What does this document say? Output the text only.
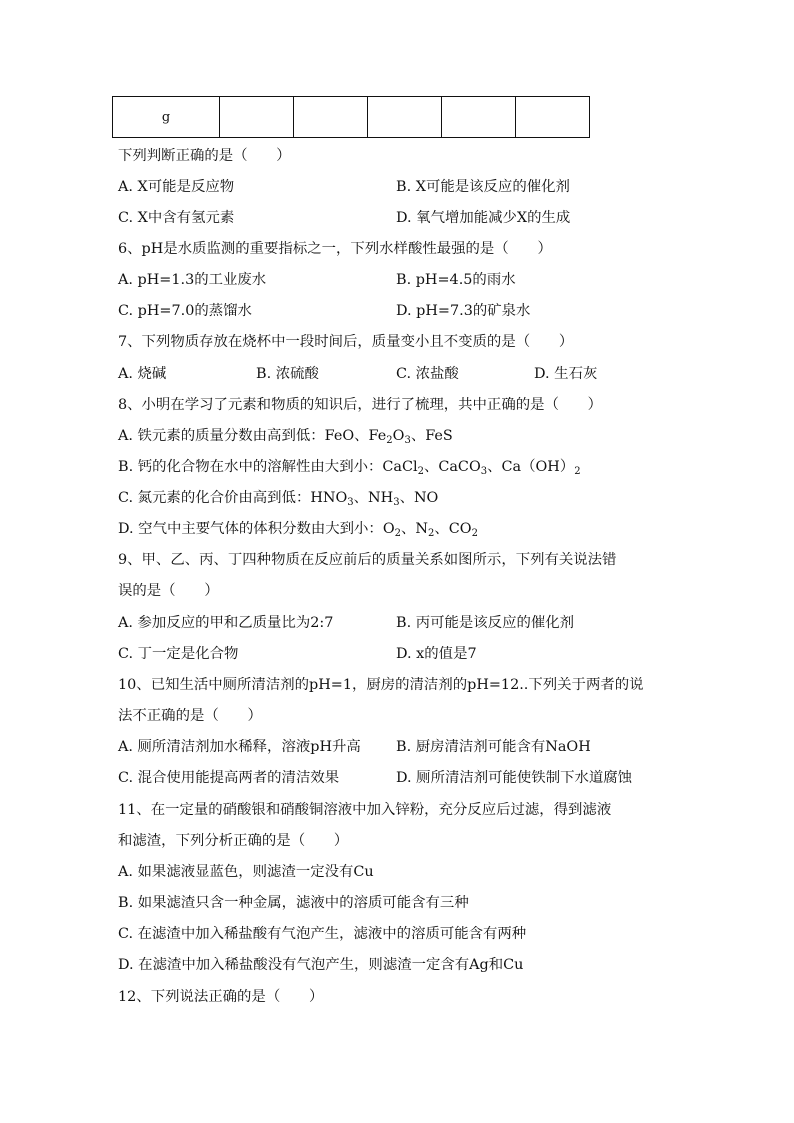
g					
下列判断正确的是（　　）
A. X可能是反应物	B. X可能是该反应的催化剂
C. X中含有氢元素	D. 氧气增加能减少X的生成
6、pH是水质监测的重要指标之一，下列水样酸性最强的是（　　）
A. pH=1.3的工业废水	B. pH=4.5的雨水
C. pH=7.0的蒸馏水	D. pH=7.3的矿泉水
7、下列物质存放在烧杯中一段时间后，质量变小且不变质的是（　　）
A. 烧碱	B. 浓硫酸	C. 浓盐酸	D. 生石灰
8、小明在学习了元素和物质的知识后，进行了梳理，共中正确的是（　　）
A. 铁元素的质量分数由高到低：FeO、$Fe_2O_3$、FeS
B. 钙的化合物在水中的溶解性由大到小：CaCl$_2$、CaCO$_3$、$Ca(OH)_2$
C. 氮元素的化合价由高到低：$HNO_3$、$NH_3$、NO
D. 空气中主要气体的体积分数由大到小：$O_2$、$N_2$、$CO_2$
9、甲、乙、丙、丁四种物质在反应前后的质量关系如图所示，下列有关说法错
误的是（　　）
A. 参加反应的甲和乙质量比为2:7	B. 丙可能是该反应的催化剂
C. 丁一定是化合物	D. x的值是7
10、已知生活中厕所清洁剂的pH=1，厨房的清洁剂的pH=12..下列关于两者的说
法不正确的是（　　）
A. 厕所清洁剂加水稀释，溶液pH升高 B. 厨房清洁剂可能含有NaOH
C. 混合使用能提高两者的清洁效果	D. 厕所清洁剂可能使铁制下水道腐蚀
11、在一定量的硝酸银和硝酸铜溶液中加入锌粉，充分反应后过滤，得到滤液
和滤渣，下列分析正确的是（　　）
A. 如果滤液显蓝色，则滤渣一定没有Cu
B. 如果滤渣只含一种金属，滤液中的溶质可能含有三种
C. 在滤渣中加入稀盐酸有气泡产生，滤液中的溶质可能含有两种
D. 在滤渣中加入稀盐酸没有气泡产生，则滤渣一定含有Ag和Cu
12、下列说法正确的是（　　）
